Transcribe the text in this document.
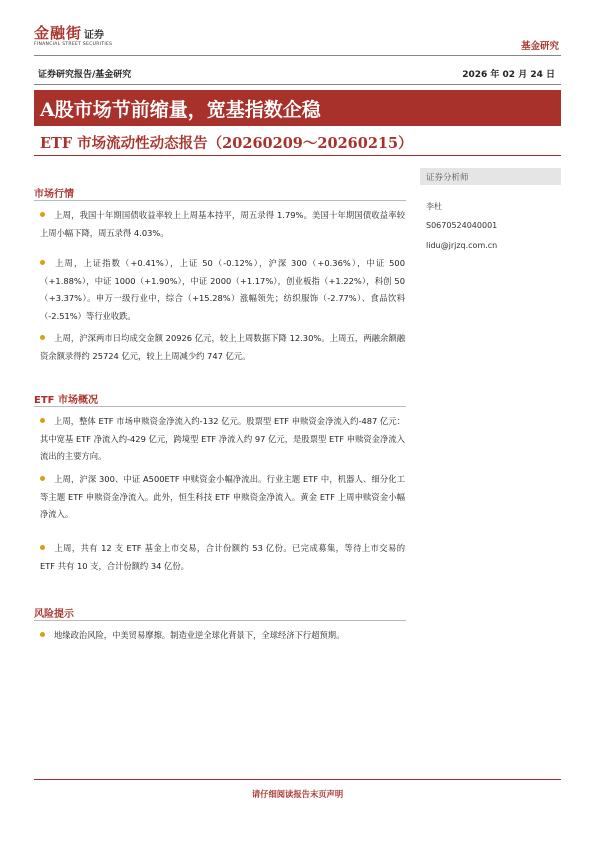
金融街 证券
FINANCIAL STREET SECURITIES	基金研究
证券研究报告/基金研究	2026 年 02 月 24 日
A股市场节前缩量，宽基指数企稳
ETF 市场流动性动态报告（20260209～20260215）
证券分析师
李杜
S0670524040001
lidu@jrjzq.com.cn
市场行情
上周，我国十年期国债收益率较上上周基本持平，周五录得 1.79%。美国十年期国债收益率较上周小幅下降，周五录得 4.03%。
上周，上证指数（+0.41%），上证 50（-0.12%），沪深 300（+0.36%），中证 500（+1.88%），中证 1000（+1.90%），中证 2000（+1.17%），创业板指（+1.22%），科创 50（+3.37%）。申万一级行业中，综合（+15.28%）涨幅领先；纺织服饰（-2.77%）、食品饮料（-2.51%）等行业收跌。
上周，沪深两市日均成交金额 20926 亿元，较上上周数据下降 12.30%。上周五，两融余额融资余额录得约 25724 亿元，较上上周减少约 747 亿元。
ETF 市场概况
上周，整体 ETF 市场申赎资金净流入约-132 亿元。股票型 ETF 申赎资金净流入约-487 亿元：其中宽基 ETF 净流入约-429 亿元，跨境型 ETF 净流入约 97 亿元，是股票型 ETF 申赎资金净流入流出的主要方向。
上周，沪深 300、中证 A500ETF 申赎资金小幅净流出。行业主题 ETF 中，机器人、细分化工等主题 ETF 申赎资金净流入。此外，恒生科技 ETF 申赎资金净流入。黄金 ETF 上周申赎资金小幅净流入。
上周，共有 12 支 ETF 基金上市交易，合计份额约 53 亿份。已完成募集，等待上市交易的 ETF 共有 10 支，合计份额约 34 亿份。
风险提示
地缘政治风险，中美贸易摩擦。制造业逆全球化背景下，全球经济下行超预期。
请仔细阅读报告末页声明
